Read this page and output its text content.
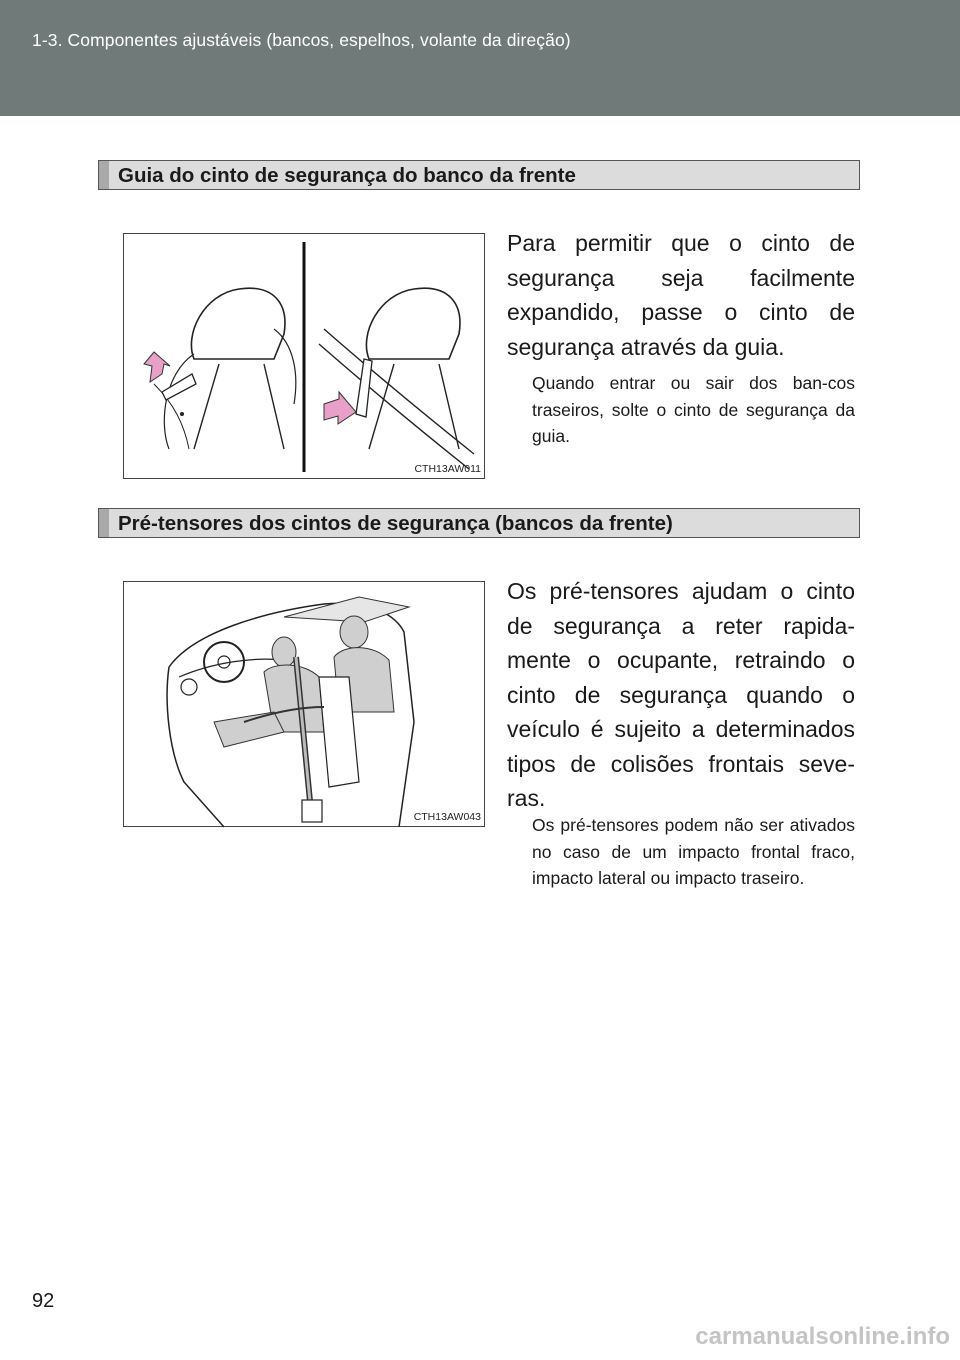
1-3. Componentes ajustáveis (bancos, espelhos, volante da direção)
Guia do cinto de segurança do banco da frente
CTH13AW011
Para permitir que o cinto de segurança seja facilmente expandido, passe o cinto de segurança através da guia.
Quando entrar ou sair dos ban-cos traseiros, solte o cinto de segurança da guia.
Pré-tensores dos cintos de segurança (bancos da frente)
CTH13AW043
Os pré-tensores ajudam o cinto de segurança a reter rapida-mente o ocupante, retraindo o cinto de segurança quando o veículo é sujeito a determinados tipos de colisões frontais seve-ras.
Os pré-tensores podem não ser ativados no caso de um impacto frontal fraco, impacto lateral ou impacto traseiro.
92
carmanualsonline.info
